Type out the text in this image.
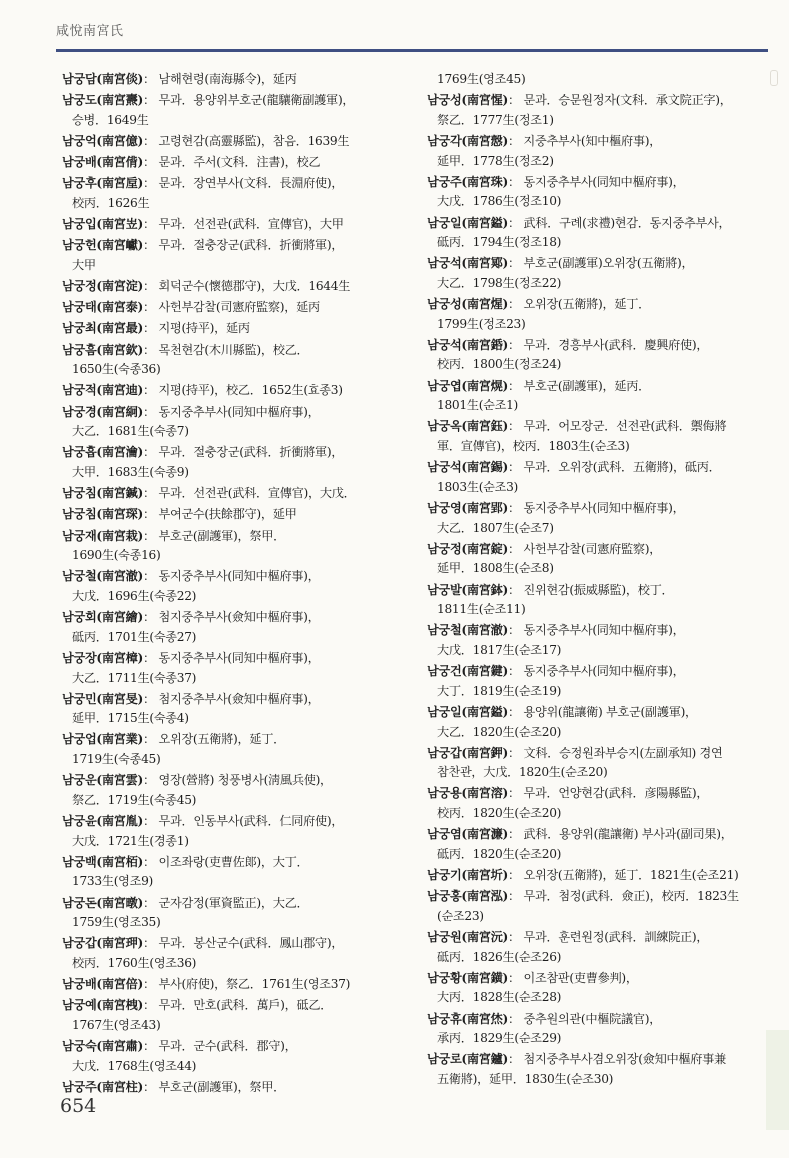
咸悅南宮氏
남궁담(南宮倓)： 남해현령(南海縣令)，延丙
남궁도(南宮燾)： 무과．용양위부호군(龍驤衛副護軍)，
승병．1649生
남궁억(南宮億)： 고령현감(高靈縣監)，참음．1639生
남궁배(南宮偝)： 문과．주서(文科．注書)，校乙
남궁후(南宮垕)： 문과．장연부사(文科．長淵府使)，
校丙．1626生
남궁입(南宮岦)： 무과．선전관(武科．宣傳官)，大甲
남궁헌(南宮巘)： 무과．절충장군(武科．折衝將軍)，
大甲
남궁정(南宮淀)： 회덕군수(懷德郡守)，大戊．1644生
남궁태(南宮泰)： 사헌부감찰(司憲府監察)，延丙
남궁최(南宮最)： 지평(持平)，延丙
남궁흠(南宮欽)： 목천현감(木川縣監)，校乙．
1650生(숙종36)
남궁적(南宮迪)： 지평(持平)，校乙．1652生(효종3)
남궁경(南宮絅)： 동지중추부사(同知中樞府事)，
大乙．1681生(숙종7)
남궁흡(南宮瀹)： 무과．절충장군(武科．折衝將軍)，
大甲．1683生(숙종9)
남궁침(南宮鍼)： 무과．선전관(武科．宣傳官)，大戊．
남궁침(南宮琛)： 부여군수(扶餘郡守)，延甲
남궁재(南宮栽)： 부호군(副護軍)，祭甲．
1690生(숙종16)
남궁철(南宮澈)： 동지중추부사(同知中樞府事)，
大戊．1696生(숙종22)
남궁회(南宮繪)： 첨지중추부사(僉知中樞府事)，
砥丙．1701生(숙종27)
남궁장(南宮樟)： 동지중추부사(同知中樞府事)，
大乙．1711生(숙종37)
남궁민(南宮旻)： 첨지중추부사(僉知中樞府事)，
延甲．1715生(숙종4)
남궁업(南宮業)： 오위장(五衛將)，延丁．
1719生(숙종45)
남궁운(南宮雲)： 영장(營將) 청풍병사(淸風兵使)，
祭乙．1719生(숙종45)
남궁윤(南宮胤)： 무과．인동부사(武科．仁同府使)，
大戊．1721生(경종1)
남궁백(南宮栢)： 이조좌랑(吏曹佐郞)，大丁．
1733生(영조9)
남궁돈(南宮暾)： 군자감정(軍資監正)，大乙．
1759生(영조35)
남궁갑(南宮玾)： 무과．봉산군수(武科．鳳山郡守)，
校丙．1760生(영조36)
남궁배(南宮倍)： 부사(府使)，祭乙．1761生(영조37)
남궁예(南宮栧)： 무과．만호(武科．萬戶)，砥乙．
1767生(영조43)
남궁숙(南宮肅)： 무과．군수(武科．郡守)，
大戊．1768生(영조44)
남궁주(南宮柱)： 부호군(副護軍)，祭甲．
1769生(영조45)
남궁성(南宮惺)： 문과．승문원정자(文科．承文院正字)，
祭乙．1777生(정조1)
남궁각(南宮慤)： 지중추부사(知中樞府事)，
延甲．1778生(정조2)
남궁주(南宮珠)： 동지중추부사(同知中樞府事)，
大戊．1786生(정조10)
남궁일(南宮鎰)： 武科．구례(求禮)현감．동지중추부사，
砥丙．1794生(정조18)
남궁석(南宮鄍)： 부호군(副護軍)오위장(五衛將)，
大乙．1798生(정조22)
남궁성(南宮煋)： 오위장(五衛將)，延丁．
1799生(정조23)
남궁석(南宮銽)： 무과．경흥부사(武科．慶興府使)，
校丙．1800生(정조24)
남궁엽(南宮熀)： 부호군(副護軍)，延丙．
1801生(순조1)
남궁옥(南宮鈺)： 무과．어모장군．선전관(武科．禦侮將
軍．宣傳官)，校丙．1803生(순조3)
남궁석(南宮錫)： 무과．오위장(武科．五衛將)，砥丙．
1803生(순조3)
남궁영(南宮郢)： 동지중추부사(同知中樞府事)，
大乙．1807生(순조7)
남궁정(南宮錠)： 사헌부감찰(司憲府監察)，
延甲．1808生(순조8)
남궁발(南宮鉢)： 진위현감(振威縣監)，校丁．
1811生(순조11)
남궁철(南宮澈)： 동지중추부사(同知中樞府事)，
大戊．1817生(순조17)
남궁건(南宮鍵)： 동지중추부사(同知中樞府事)，
大丁．1819生(순조19)
남궁일(南宮鎰)： 용양위(龍讓衛) 부호군(副護軍)，
大乙．1820生(순조20)
남궁갑(南宮鉀)： 文科．승정원좌부승지(左副承知) 경연
참찬관，大戊．1820生(순조20)
남궁용(南宮溶)： 무과．언양현감(武科．彦陽縣監)，
校丙．1820生(순조20)
남궁염(南宮濂)： 武科．용양위(龍讓衛) 부사과(副司果)，
砥丙．1820生(순조20)
남궁기(南宮圻)： 오위장(五衛將)，延丁．1821生(순조21)
남궁홍(南宮泓)： 무과．첨정(武科．僉正)，校丙．1823生
(순조23)
남궁원(南宮沅)： 무과．훈련원정(武科．訓練院正)，
砥丙．1826生(순조26)
남궁황(南宮鐄)： 이조참판(吏曹參判)，
大丙．1828生(순조28)
남궁휴(南宮烋)： 중추원의관(中樞院議官)，
承丙．1829生(순조29)
남궁로(南宮鑪)： 첨지중추부사겸오위장(僉知中樞府事兼
五衛將)，延甲．1830生(순조30)
654
